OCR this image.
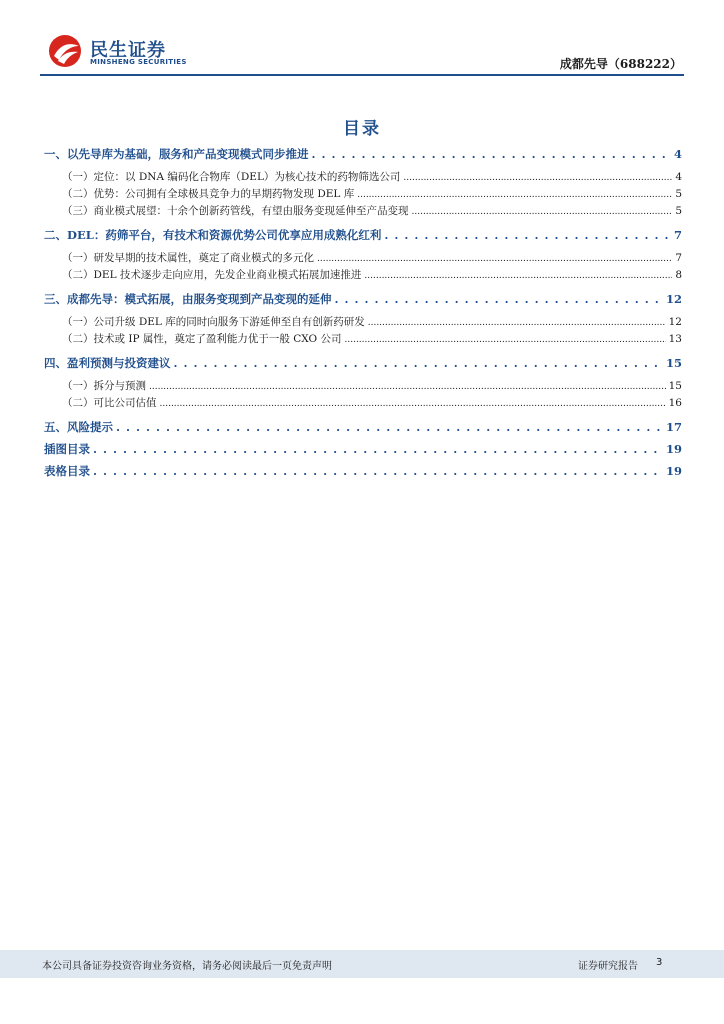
民生证券
MINSHENG SECURITIES	成都先导（688222）
目录
一、以先导库为基础，服务和产品变现模式同步推进 . . .	4
（一）定位：以 DNA 编码化合物库（DEL）为核心技术的药物筛选公司 .....	4
（二）优势：公司拥有全球极具竞争力的早期药物发现 DEL 库 .....	5
（三）商业模式展望：十余个创新药管线，有望由服务变现延伸至产品变现 .....	5
二、DEL：药筛平台，有技术和资源优势公司优享应用成熟化红利 . . .	7
（一）研发早期的技术属性，奠定了商业模式的多元化 .....	7
（二）DEL 技术逐步走向应用，先发企业商业模式拓展加速推进 .....	8
三、成都先导：模式拓展，由服务变现到产品变现的延伸 . . .	12
（一）公司升级 DEL 库的同时向服务下游延伸至自有创新药研发 .....	12
（二）技术或 IP 属性，奠定了盈利能力优于一般 CXO 公司 .....	13
四、盈利预测与投资建议 . . .	15
（一）拆分与预测 .....	15
（二）可比公司估值 .....	16
五、风险提示 . . .	17
插图目录 . . .	19
表格目录 . . .	19
本公司具备证券投资咨询业务资格，请务必阅读最后一页免责声明	证券研究报告 3
